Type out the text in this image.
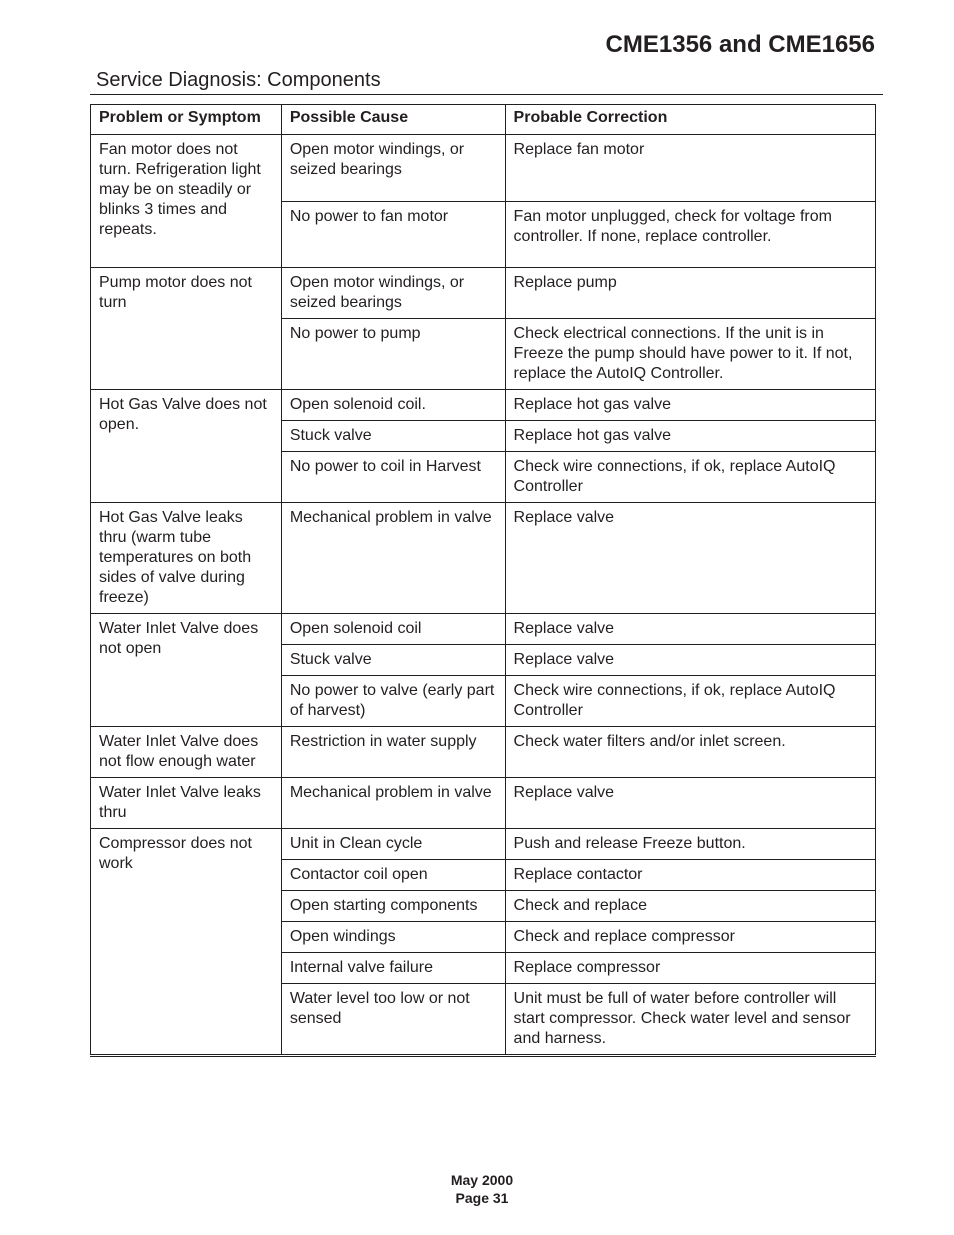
CME1356 and CME1656
Service Diagnosis: Components
Problem or Symptom	Possible Cause	Probable Correction
Fan motor does not turn. Refrigeration light may be on steadily or blinks 3 times and repeats.	Open motor windings, or seized bearings	Replace fan motor
	No power to fan motor	Fan motor unplugged, check for voltage from controller. If none, replace controller.
Pump motor does not turn	Open motor windings, or seized bearings	Replace pump
	No power to pump	Check electrical connections. If the unit is in Freeze the pump should have power to it. If not, replace the AutoIQ Controller.
Hot Gas Valve does not open.	Open solenoid coil.	Replace hot gas valve
	Stuck valve	Replace hot gas valve
	No power to coil in Harvest	Check wire connections, if ok, replace AutoIQ Controller
Hot Gas Valve leaks thru (warm tube temperatures on both sides of valve during freeze)	Mechanical problem in valve	Replace valve
Water Inlet Valve does not open	Open solenoid coil	Replace valve
	Stuck valve	Replace valve
	No power to valve (early part of harvest)	Check wire connections, if ok, replace AutoIQ Controller
Water Inlet Valve does not flow enough water	Restriction in water supply	Check water filters and/or inlet screen.
Water Inlet Valve leaks thru	Mechanical problem in valve	Replace valve
Compressor does not work	Unit in Clean cycle	Push and release Freeze button.
	Contactor coil open	Replace contactor
	Open starting components	Check and replace
	Open windings	Check and replace compressor
	Internal valve failure	Replace compressor
	Water level too low or not sensed	Unit must be full of water before controller will start compressor. Check water level and sensor and harness.
May 2000
Page 31
